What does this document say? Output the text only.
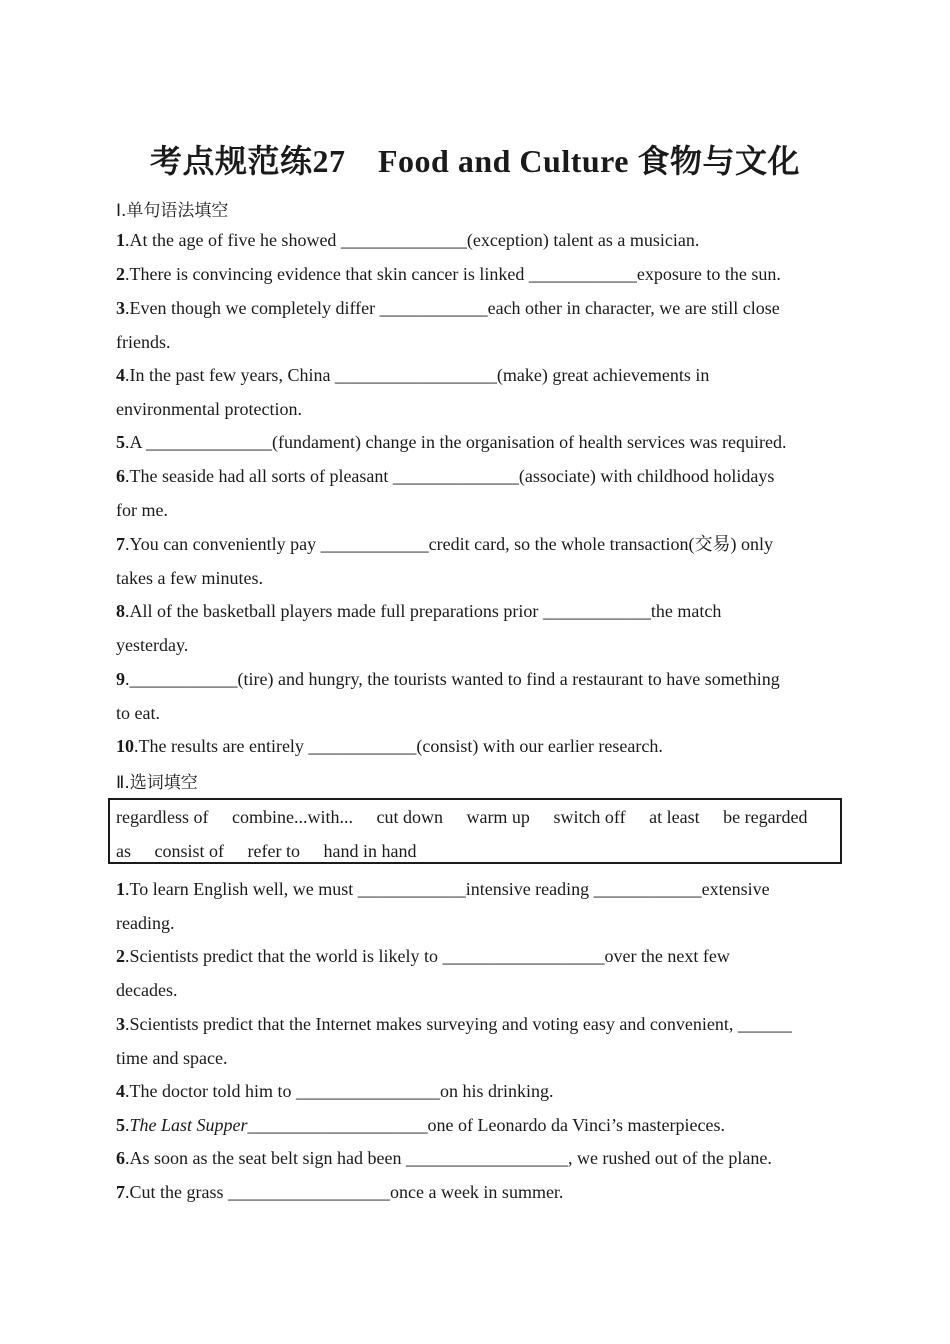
考点规范练27　Food and Culture 食物与文化
Ⅰ.单句语法填空
1.At the age of five he showed ______________(exception) talent as a musician.
2.There is convincing evidence that skin cancer is linked ____________exposure to the sun.
3.Even though we completely differ ____________each other in character, we are still close
friends.
4.In the past few years, China __________________(make) great achievements in
environmental protection.
5.A ______________(fundament) change in the organisation of health services was required.
6.The seaside had all sorts of pleasant ______________(associate) with childhood holidays
for me.
7.You can conveniently pay ____________credit card, so the whole transaction(交易) only
takes a few minutes.
8.All of the basketball players made full preparations prior ____________the match
yesterday.
9.____________(tire) and hungry, the tourists wanted to find a restaurant to have something
to eat.
10.The results are entirely ____________(consist) with our earlier research.
Ⅱ.选词填空
regardless of combine...with... cut down warm up switch off at least be regarded
as consist of refer to hand in hand
1.To learn English well, we must ____________intensive reading ____________extensive
reading.
2.Scientists predict that the world is likely to __________________over the next few
decades.
3.Scientists predict that the Internet makes surveying and voting easy and convenient, ______
time and space.
4.The doctor told him to ________________on his drinking.
5.The Last Supper____________________one of Leonardo da Vinci’s masterpieces.
6.As soon as the seat belt sign had been __________________, we rushed out of the plane.
7.Cut the grass __________________once a week in summer.
